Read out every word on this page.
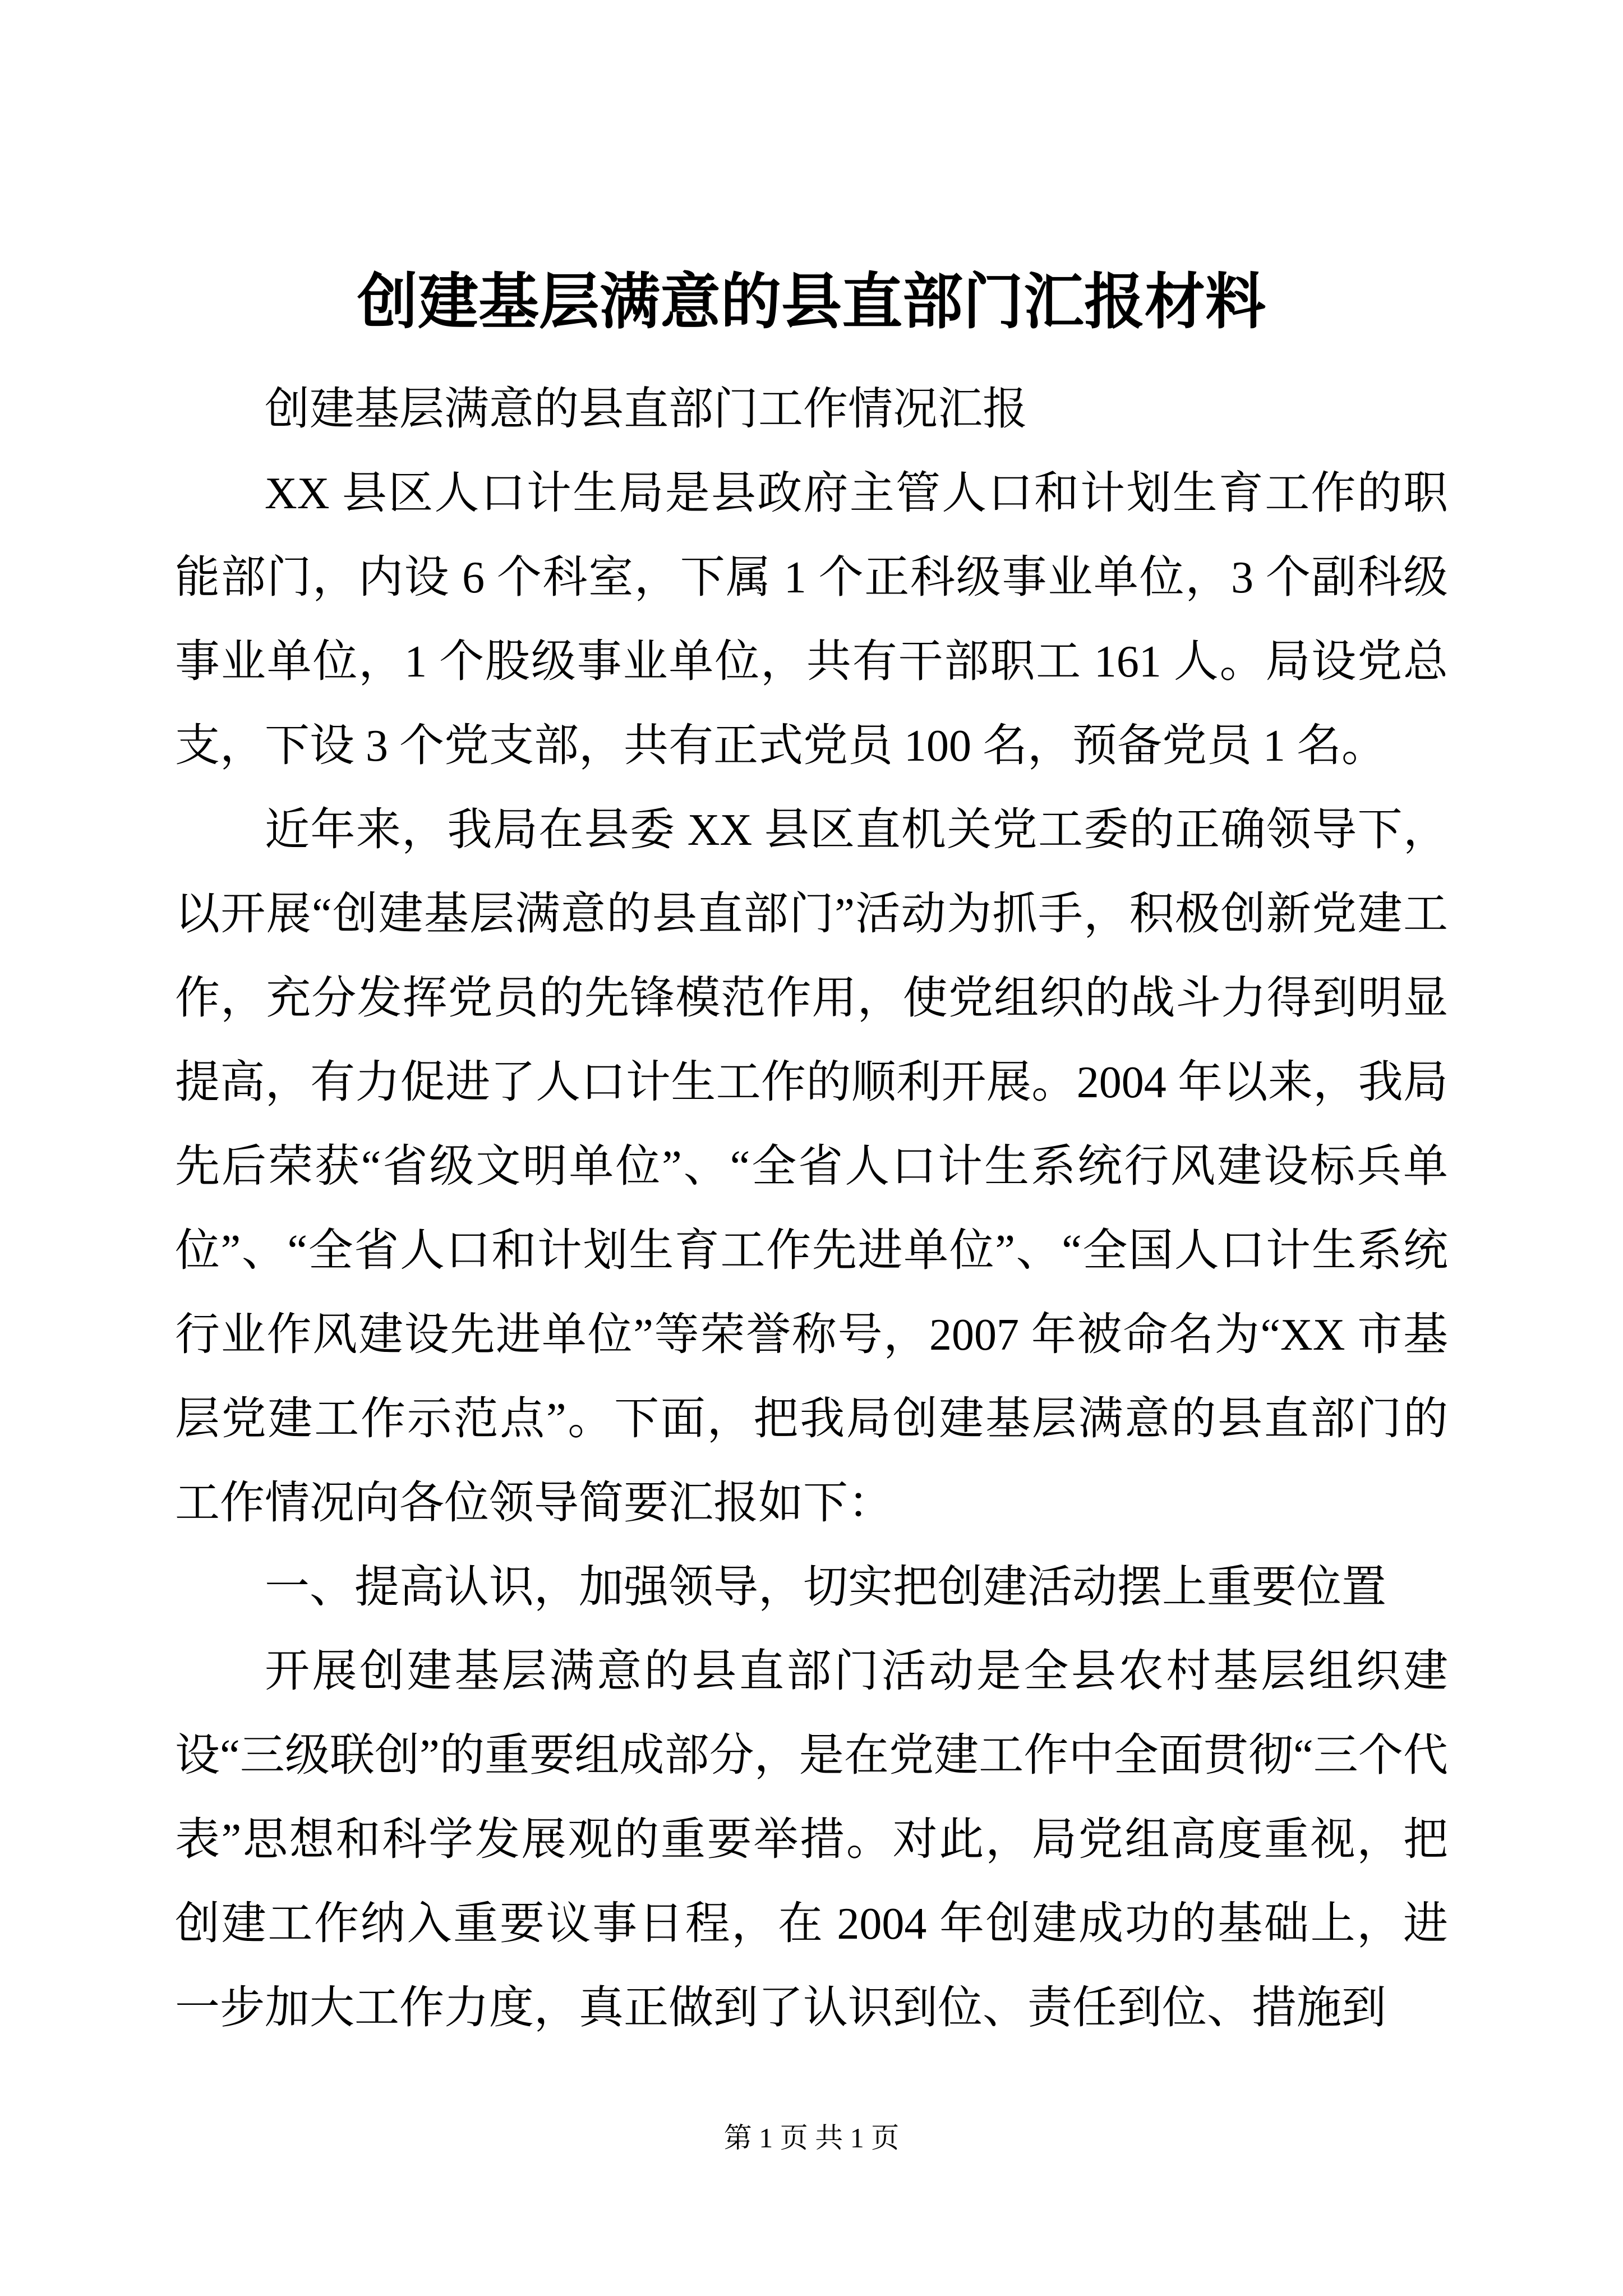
创建基层满意的县直部门汇报材料

创建基层满意的县直部门工作情况汇报

XX 县区人口计生局是县政府主管人口和计划生育工作的职能部门，内设 6 个科室，下属 1 个正科级事业单位，3 个副科级事业单位，1 个股级事业单位，共有干部职工 161 人。局设党总支，下设 3 个党支部，共有正式党员 100 名，预备党员 1 名。

近年来，我局在县委 XX 县区直机关党工委的正确领导下，以开展“创建基层满意的县直部门”活动为抓手，积极创新党建工作，充分发挥党员的先锋模范作用，使党组织的战斗力得到明显提高，有力促进了人口计生工作的顺利开展。2004 年以来，我局先后荣获“省级文明单位”、“全省人口计生系统行风建设标兵单位”、“全省人口和计划生育工作先进单位”、“全国人口计生系统行业作风建设先进单位”等荣誉称号，2007 年被命名为“XX 市基层党建工作示范点”。下面，把我局创建基层满意的县直部门的工作情况向各位领导简要汇报如下：

一、提高认识，加强领导，切实把创建活动摆上重要位置

开展创建基层满意的县直部门活动是全县农村基层组织建设“三级联创”的重要组成部分，是在党建工作中全面贯彻“三个代表”思想和科学发展观的重要举措。对此，局党组高度重视，把创建工作纳入重要议事日程，在 2004 年创建成功的基础上，进一步加大工作力度，真正做到了认识到位、责任到位、措施到

第 1 页 共 1 页
